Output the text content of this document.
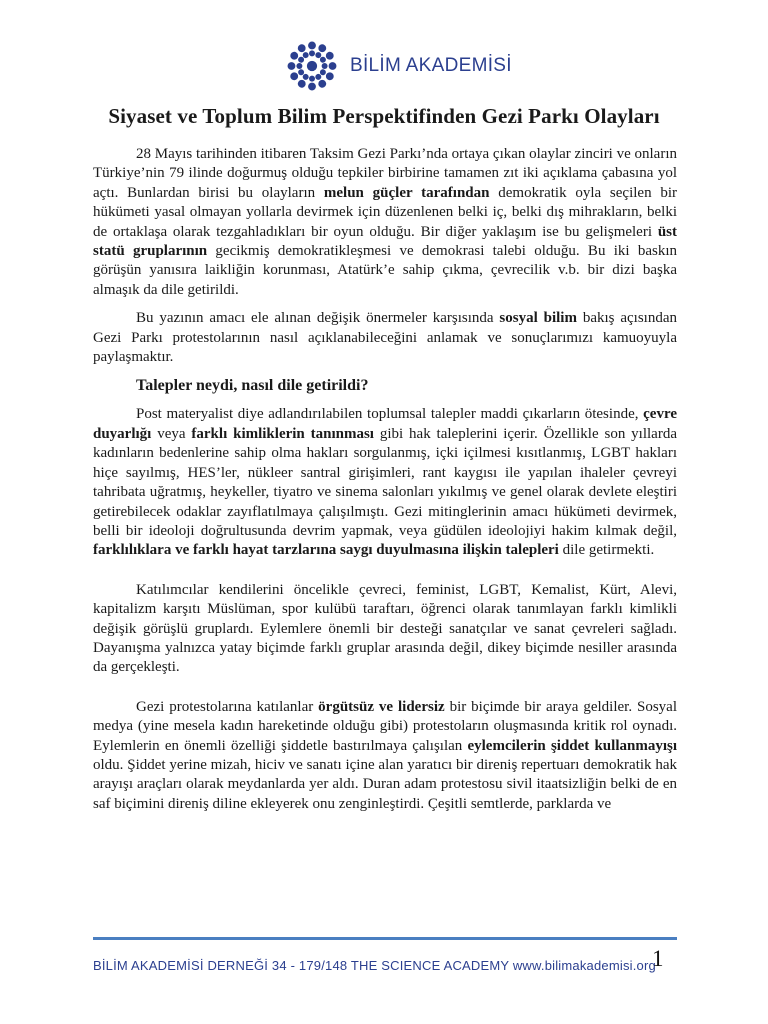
BİLİM AKADEMİSİ
Siyaset ve Toplum Bilim Perspektifinden Gezi Parkı Olayları

28 Mayıs tarihinden itibaren Taksim Gezi Parkı’nda ortaya çıkan olaylar zinciri ve onların Türkiye’nin 79 ilinde doğurmuş olduğu tepkiler birbirine tamamen zıt iki açıklama çabasına yol açtı. Bunlardan birisi bu olayların melun güçler tarafından demokratik oyla seçilen bir hükümeti yasal olmayan yollarla devirmek için düzenlenen belki iç, belki dış mihrakların, belki de ortaklaşa olarak tezgahladıkları bir oyun olduğu. Bir diğer yaklaşım ise bu gelişmeleri üst statü gruplarının gecikmiş demokratikleşmesi ve demokrasi talebi olduğu. Bu iki baskın görüşün yanısıra laikliğin korunması, Atatürk’e sahip çıkma, çevrecilik v.b. bir dizi başka almaşık da dile getirildi.

Bu yazının amacı ele alınan değişik önermeler karşısında sosyal bilim bakış açısından Gezi Parkı protestolarının nasıl açıklanabileceğini anlamak ve sonuçlarımızı kamuoyuyla paylaşmaktır.

Talepler neydi, nasıl dile getirildi?

Post materyalist diye adlandırılabilen toplumsal talepler maddi çıkarların ötesinde, çevre duyarlığı veya farklı kimliklerin tanınması gibi hak taleplerini içerir. Özellikle son yıllarda kadınların bedenlerine sahip olma hakları sorgulanmış, içki içilmesi kısıtlanmış, LGBT hakları hiçe sayılmış, HES’ler, nükleer santral girişimleri, rant kaygısı ile yapılan ihaleler çevreyi tahribata uğratmış, heykeller, tiyatro ve sinema salonları yıkılmış ve genel olarak devlete eleştiri getirebilecek odaklar zayıflatılmaya çalışılmıştı. Gezi mitinglerinin amacı hükümeti devirmek, belli bir ideoloji doğrultusunda devrim yapmak, veya güdülen ideolojiyi hakim kılmak değil, farklılıklara ve farklı hayat tarzlarına saygı duyulmasına ilişkin talepleri dile getirmekti.

Katılımcılar kendilerini öncelikle çevreci, feminist, LGBT, Kemalist, Kürt, Alevi, kapitalizm karşıtı Müslüman, spor kulübü taraftarı, öğrenci olarak tanımlayan farklı kimlikli değişik görüşlü gruplardı. Eylemlere önemli bir desteği sanatçılar ve sanat çevreleri sağladı. Dayanışma yalnızca yatay biçimde farklı gruplar arasında değil, dikey biçimde nesiller arasında da gerçekleşti.

Gezi protestolarına katılanlar örgütsüz ve lidersiz bir biçimde bir araya geldiler. Sosyal medya (yine mesela kadın hareketinde olduğu gibi) protestoların oluşmasında kritik rol oynadı. Eylemlerin en önemli özelliği şiddetle bastırılmaya çalışılan eylemcilerin şiddet kullanmayışı oldu. Şiddet yerine mizah, hiciv ve sanatı içine alan yaratıcı bir direniş repertuarı demokratik hak arayışı araçları olarak meydanlarda yer aldı. Duran adam protestosu sivil itaatsizliğin belki de en saf biçimini direniş diline ekleyerek onu zenginleştirdi. Çeşitli semtlerde, parklarda ve

BİLİM AKADEMİSİ DERNEĞİ 34 - 179/148 THE SCIENCE ACADEMY www.bilimakademisi.org
1
